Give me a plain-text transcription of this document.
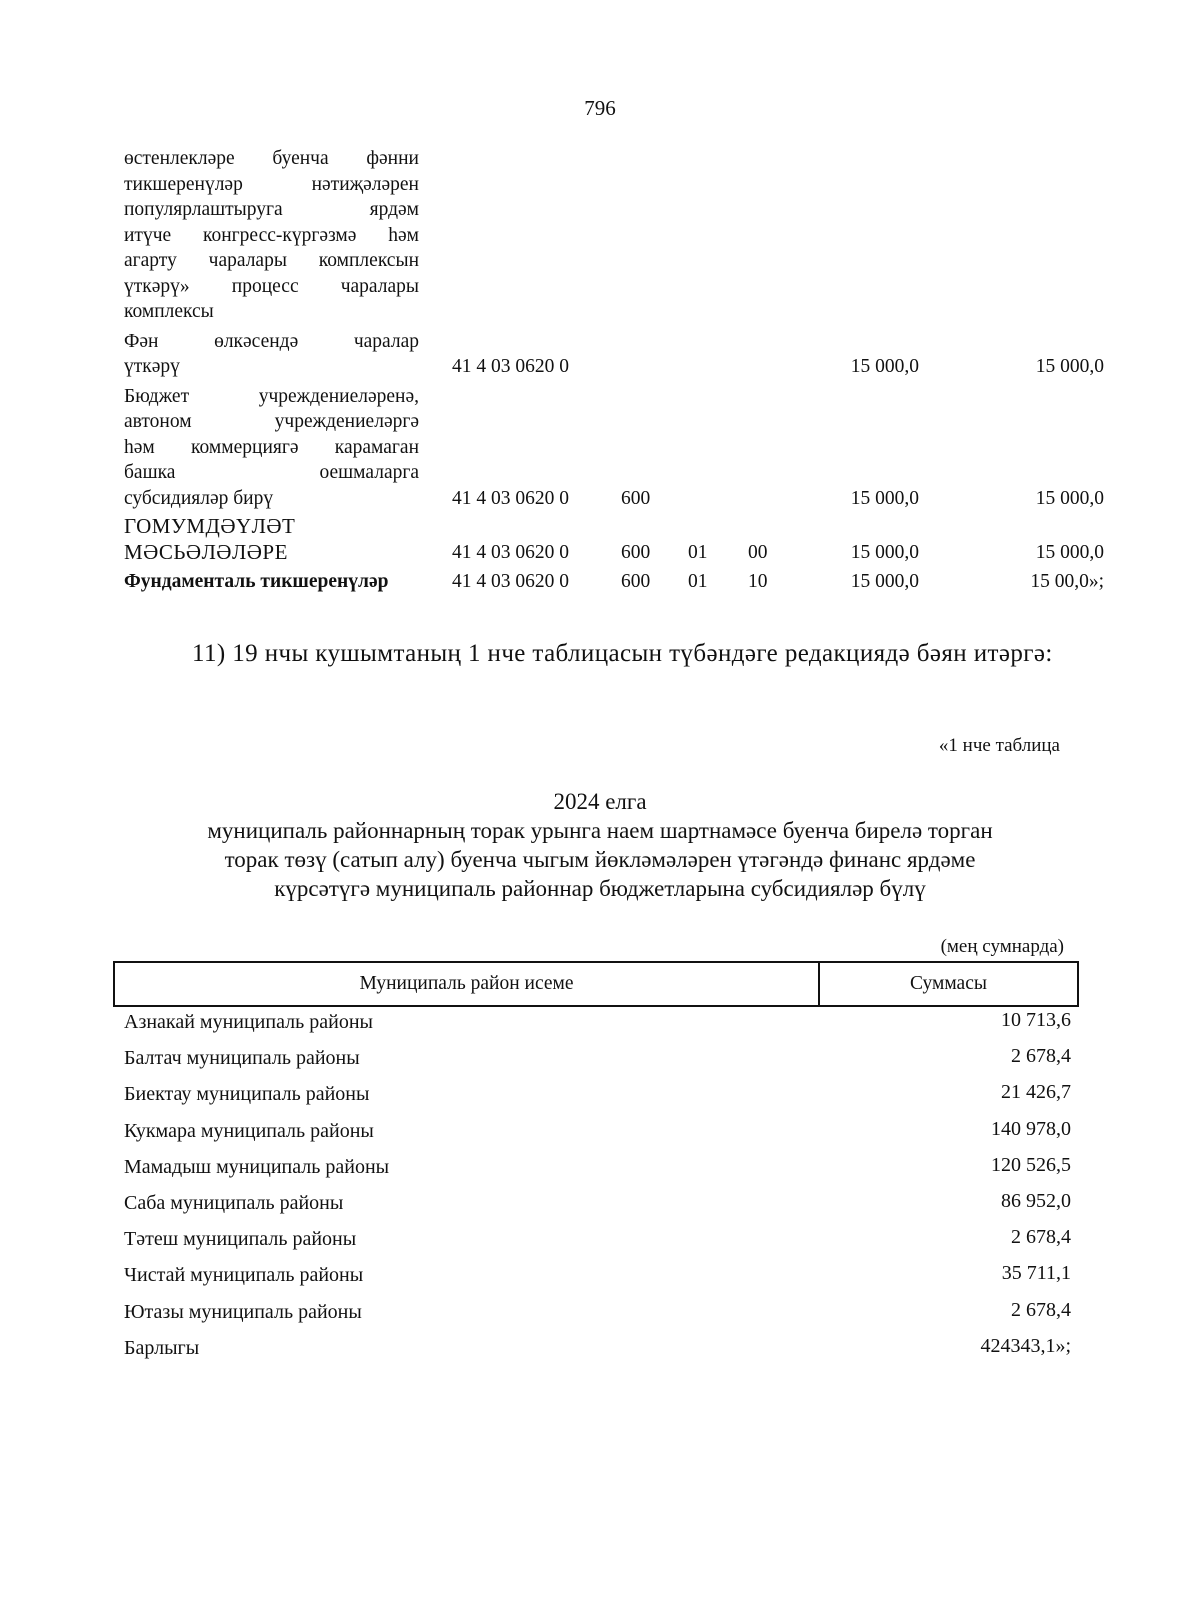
796
өстенлекләре буенча фәнни
тикшеренүләр нәтиҗәләрен
популярлаштыруга ярдәм
итүче конгресс-күргәзмә һәм
агарту чаралары комплексын
үткәрү» процесс чаралары
комплексы
Фән өлкәсендә чаралар
үткәрү	41 4 03 0620 0	15 000,0	15 000,0
Бюджет учреждениеләренә,
автоном учреждениеләргә
һәм коммерциягә карамаган
башка оешмаларга
субсидияләр бирү	41 4 03 0620 0	600	15 000,0	15 000,0
ГОМУМДӘҮЛӘТ
МӘСЬӘЛӘЛӘРЕ	41 4 03 0620 0	600 01 00	15 000,0	15 000,0
Фундаменталь тикшеренүләр	41 4 03 0620 0	600 01 10	15 000,0	15 00,0»;
11) 19 нчы кушымтаның 1 нче таблицасын түбәндәге редакциядә бәян итәргә:
«1 нче таблица
2024 елга
муниципаль районнарның торак урынга наем шартнамәсе буенча бирелә торган
торак төзү (сатып алу) буенча чыгым йөкләмәләрен үтәгәндә финанс ярдәме
күрсәтүгә муниципаль районнар бюджетларына субсидияләр бүлү
(мең сумнарда)
Муниципаль район исеме	Суммасы
Азнакай муниципаль районы	10 713,6
Балтач муниципаль районы	2 678,4
Биектау муниципаль районы	21 426,7
Кукмара муниципаль районы	140 978,0
Мамадыш муниципаль районы	120 526,5
Саба муниципаль районы	86 952,0
Тәтеш муниципаль районы	2 678,4
Чистай муниципаль районы	35 711,1
Ютазы муниципаль районы	2 678,4
Барлыгы	424343,1»;
